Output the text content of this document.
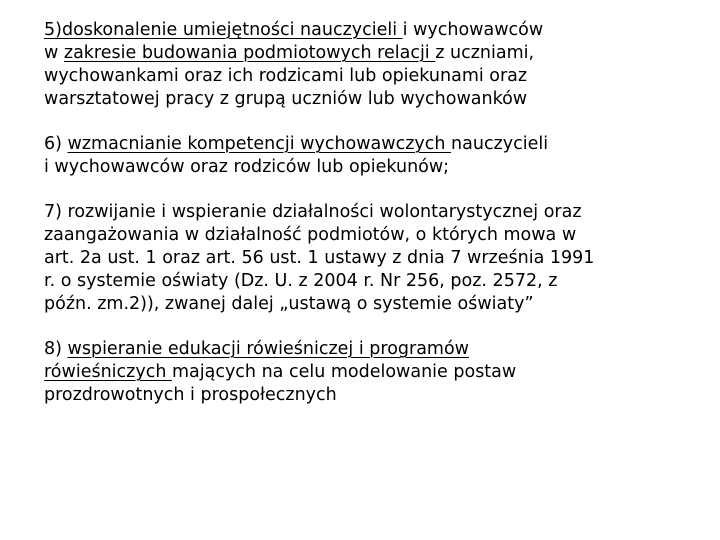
5)doskonalenie umiejętności nauczycieli i wychowawców
w zakresie budowania podmiotowych relacji z uczniami,
wychowankami oraz ich rodzicami lub opiekunami oraz
warsztatowej pracy z grupą uczniów lub wychowanków
6) wzmacnianie kompetencji wychowawczych nauczycieli
i wychowawców oraz rodziców lub opiekunów;
7) rozwijanie i wspieranie działalności wolontarystycznej oraz
zaangażowania w działalność podmiotów, o których mowa w
art. 2a ust. 1 oraz art. 56 ust. 1 ustawy z dnia 7 września 1991
r. o systemie oświaty (Dz. U. z 2004 r. Nr 256, poz. 2572, z
późn. zm.2)), zwanej dalej „ustawą o systemie oświaty”
8) wspieranie edukacji rówieśniczej i programów
rówieśniczych mających na celu modelowanie postaw
prozdrowotnych i prospołecznych
